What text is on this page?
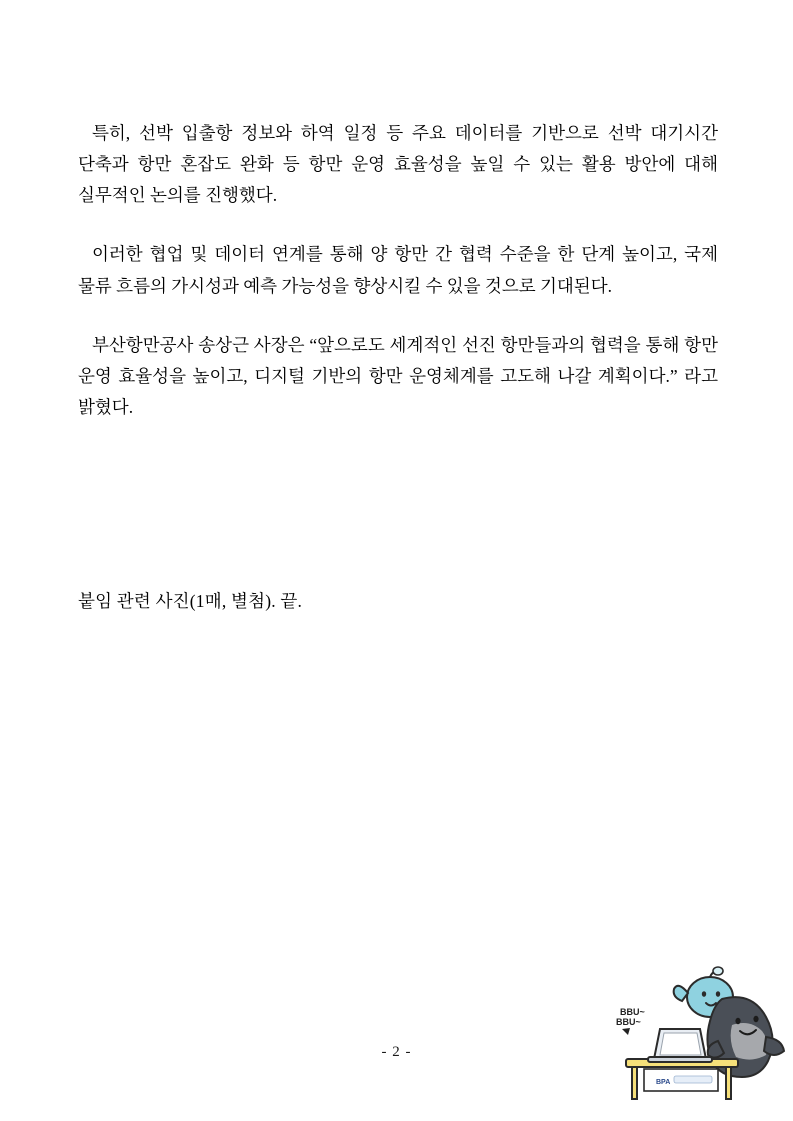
특히, 선박 입출항 정보와 하역 일정 등 주요 데이터를 기반으로 선박 대기시간 단축과 항만 혼잡도 완화 등 항만 운영 효율성을 높일 수 있는 활용 방안에 대해 실무적인 논의를 진행했다.

이러한 협업 및 데이터 연계를 통해 양 항만 간 협력 수준을 한 단계 높이고, 국제 물류 흐름의 가시성과 예측 가능성을 향상시킬 수 있을 것으로 기대된다.

부산항만공사 송상근 사장은 “앞으로도 세계적인 선진 항만들과의 협력을 통해 항만 운영 효율성을 높이고, 디지털 기반의 항만 운영체계를 고도해 나갈 계획이다.” 라고 밝혔다.

붙임 관련 사진(1매, 별첨). 끝.
- 2 -
BBU~
BBU~
BPA
